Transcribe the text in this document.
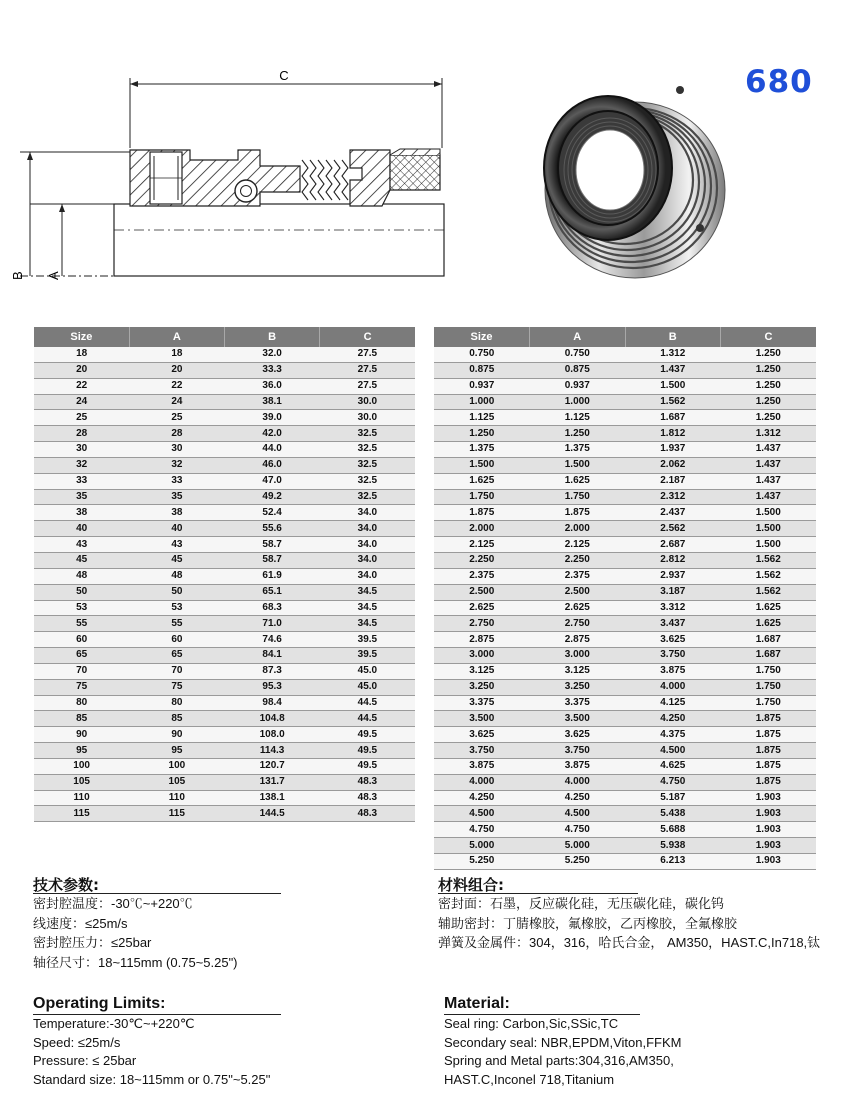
680
C
B A
Size	A	B	C
18	18	32.0	27.5
20	20	33.3	27.5
22	22	36.0	27.5
24	24	38.1	30.0
25	25	39.0	30.0
28	28	42.0	32.5
30	30	44.0	32.5
32	32	46.0	32.5
33	33	47.0	32.5
35	35	49.2	32.5
38	38	52.4	34.0
40	40	55.6	34.0
43	43	58.7	34.0
45	45	58.7	34.0
48	48	61.9	34.0
50	50	65.1	34.5
53	53	68.3	34.5
55	55	71.0	34.5
60	60	74.6	39.5
65	65	84.1	39.5
70	70	87.3	45.0
75	75	95.3	45.0
80	80	98.4	44.5
85	85	104.8	44.5
90	90	108.0	49.5
95	95	114.3	49.5
100	100	120.7	49.5
105	105	131.7	48.3
110	110	138.1	48.3
115	115	144.5	48.3
Size	A	B	C
0.750	0.750	1.312	1.250
0.875	0.875	1.437	1.250
0.937	0.937	1.500	1.250
1.000	1.000	1.562	1.250
1.125	1.125	1.687	1.250
1.250	1.250	1.812	1.312
1.375	1.375	1.937	1.437
1.500	1.500	2.062	1.437
1.625	1.625	2.187	1.437
1.750	1.750	2.312	1.437
1.875	1.875	2.437	1.500
2.000	2.000	2.562	1.500
2.125	2.125	2.687	1.500
2.250	2.250	2.812	1.562
2.375	2.375	2.937	1.562
2.500	2.500	3.187	1.562
2.625	2.625	3.312	1.625
2.750	2.750	3.437	1.625
2.875	2.875	3.625	1.687
3.000	3.000	3.750	1.687
3.125	3.125	3.875	1.750
3.250	3.250	4.000	1.750
3.375	3.375	4.125	1.750
3.500	3.500	4.250	1.875
3.625	3.625	4.375	1.875
3.750	3.750	4.500	1.875
3.875	3.875	4.625	1.875
4.000	4.000	4.750	1.875
4.250	4.250	5.187	1.903
4.500	4.500	5.438	1.903
4.750	4.750	5.688	1.903
5.000	5.000	5.938	1.903
5.250	5.250	6.213	1.903
技术参数:
密封腔温度：-30℃~+220℃
线速度：≤25m/s
密封腔压力：≤25bar
轴径尺寸：18~115mm (0.75~5.25")
材料组合:
密封面：石墨，反应碳化硅，无压碳化硅，碳化钨
辅助密封：丁腈橡胶，氟橡胶，乙丙橡胶，全氟橡胶
弹簧及金属件：304，316，哈氏合金， AM350，HAST.C,In718,钛
Operating Limits:
Temperature:-30℃~+220℃
Speed: ≤25m/s
Pressure: ≤ 25bar
Standard size: 18~115mm or 0.75"~5.25"
Material:
Seal ring: Carbon,Sic,SSic,TC
Secondary seal: NBR,EPDM,Viton,FFKM
Spring and Metal parts:304,316,AM350,
HAST.C,Inconel 718,Titanium
